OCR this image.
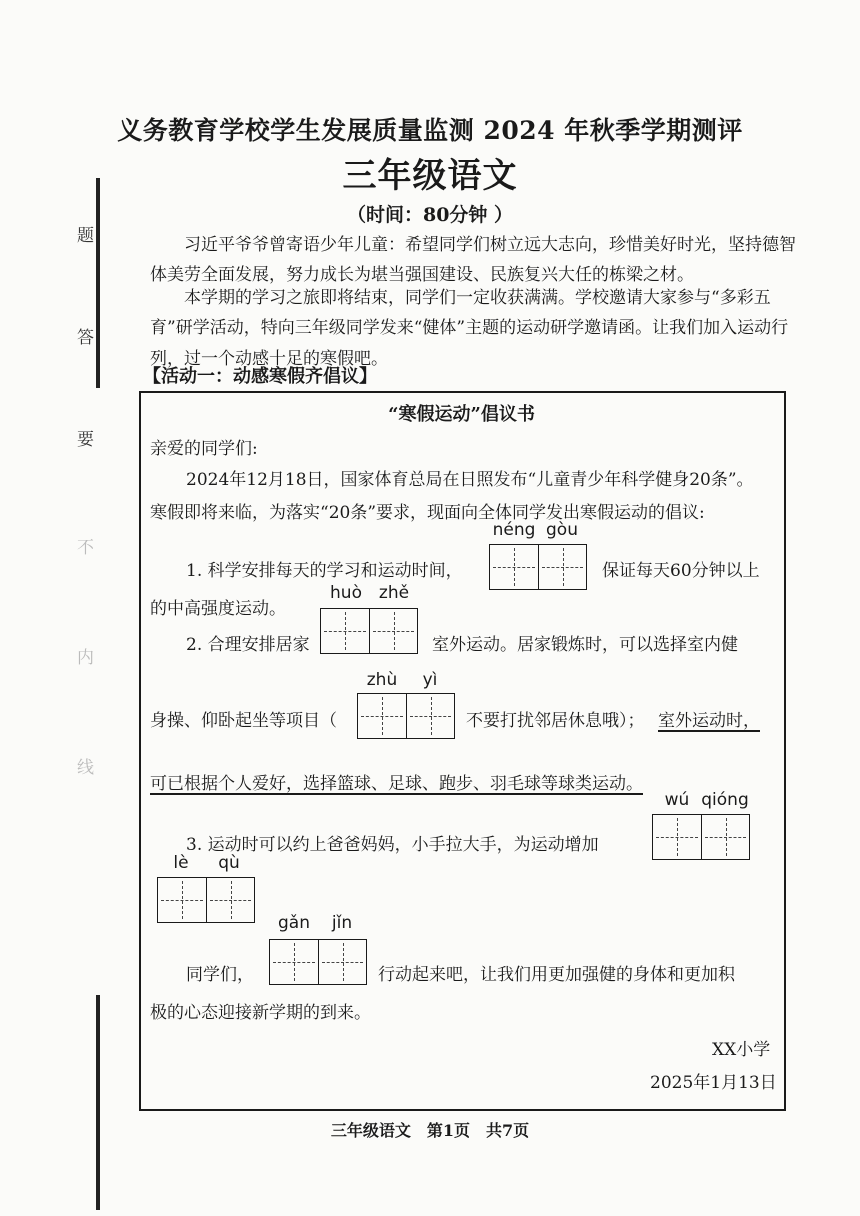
题
答
要
不
内
线
义务教育学校学生发展质量监测 2024 年秋季学期测评
三年级语文
（时间：80分钟 ）
习近平爷爷曾寄语少年儿童：希望同学们树立远大志向，珍惜美好时光，坚持德智体美劳全面发展，努力成长为堪当强国建设、民族复兴大任的栋梁之材。
本学期的学习之旅即将结束，同学们一定收获满满。学校邀请大家参与“多彩五育”研学活动，特向三年级同学发来“健体”主题的运动研学邀请函。让我们加入运动行列，过一个动感十足的寒假吧。
【活动一：动感寒假齐倡议】
“寒假运动”倡议书
亲爱的同学们:
2024年12月18日，国家体育总局在日照发布“儿童青少年科学健身20条”。
寒假即将来临，为落实“20条”要求，现面向全体同学发出寒假运动的倡议:
néng gòu
1. 科学安排每天的学习和运动时间，	保证每天60分钟以上
的中高强度运动。
huò zhě
2. 合理安排居家	室外运动。居家锻炼时，可以选择室内健
zhù	yì
身操、仰卧起坐等项目（	不要打扰邻居休息哦）； 室外运动时，
可已根据个人爱好，选择篮球、足球、跑步、羽毛球等球类运动。
wú qióng
3. 运动时可以约上爸爸妈妈，小手拉大手，为运动增加
lè	qù
gǎn	jǐn
同学们，	行动起来吧，让我们用更加强健的身体和更加积
极的心态迎接新学期的到来。
XX小学
2025年1月13日
三年级语文　第1页　共7页
